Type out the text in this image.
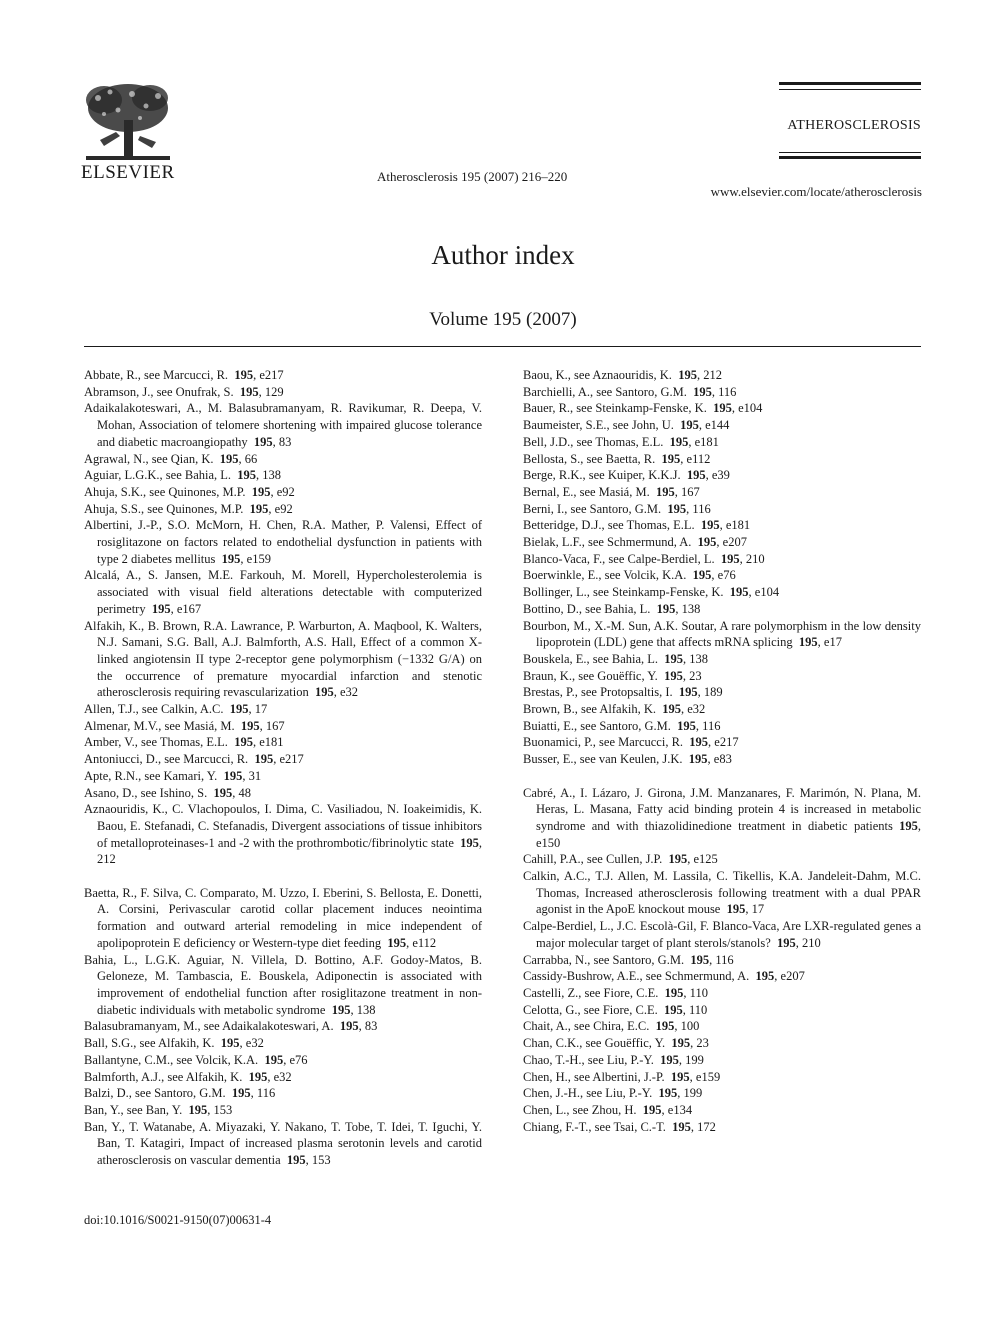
ELSEVIER	Atherosclerosis 195 (2007) 216–220
ATHEROSCLEROSIS
www.elsevier.com/locate/atherosclerosis
Author index
Volume 195 (2007)

Abbate, R., see Marcucci, R.  195, e217

Abramson, J., see Onufrak, S.  195, 129

Adaikalakoteswari, A., M. Balasubramanyam, R. Ravikumar, R. Deepa, V. Mohan, Association of telomere shortening with impaired glucose tolerance and diabetic macroangiopathy  195, 83

Agrawal, N., see Qian, K.  195, 66

Aguiar, L.G.K., see Bahia, L.  195, 138

Ahuja, S.K., see Quinones, M.P.  195, e92

Ahuja, S.S., see Quinones, M.P.  195, e92

Albertini, J.-P., S.O. McMorn, H. Chen, R.A. Mather, P. Valensi, Effect of rosiglitazone on factors related to endothelial dysfunction in patients with type 2 diabetes mellitus  195, e159

Alcalá, A., S. Jansen, M.E. Farkouh, M. Morell, Hypercholesterolemia is associated with visual field alterations detectable with computerized perimetry  195, e167

Alfakih, K., B. Brown, R.A. Lawrance, P. Warburton, A. Maqbool, K. Walters, N.J. Samani, S.G. Ball, A.J. Balmforth, A.S. Hall, Effect of a common X-linked angiotensin II type 2-receptor gene polymorphism (−1332 G/A) on the occurrence of premature myocardial infarction and stenotic atherosclerosis requiring revascularization  195, e32

Allen, T.J., see Calkin, A.C.  195, 17

Almenar, M.V., see Masiá, M.  195, 167

Amber, V., see Thomas, E.L.  195, e181

Antoniucci, D., see Marcucci, R.  195, e217

Apte, R.N., see Kamari, Y.  195, 31

Asano, D., see Ishino, S.  195, 48

Aznaouridis, K., C. Vlachopoulos, I. Dima, C. Vasiliadou, N. Ioakeimidis, K. Baou, E. Stefanadi, C. Stefanadis, Divergent associations of tissue inhibitors of metalloproteinases-1 and -2 with the prothrombotic/fibrinolytic state  195, 212

Baetta, R., F. Silva, C. Comparato, M. Uzzo, I. Eberini, S. Bellosta, E. Donetti, A. Corsini, Perivascular carotid collar placement induces neointima formation and outward arterial remodeling in mice independent of apolipoprotein E deficiency or Western-type diet feeding  195, e112

Bahia, L., L.G.K. Aguiar, N. Villela, D. Bottino, A.F. Godoy-Matos, B. Geloneze, M. Tambascia, E. Bouskela, Adiponectin is associated with improvement of endothelial function after rosiglitazone treatment in non-diabetic individuals with metabolic syndrome  195, 138

Balasubramanyam, M., see Adaikalakoteswari, A.  195, 83

Ball, S.G., see Alfakih, K.  195, e32

Ballantyne, C.M., see Volcik, K.A.  195, e76

Balmforth, A.J., see Alfakih, K.  195, e32

Balzi, D., see Santoro, G.M.  195, 116

Ban, Y., see Ban, Y.  195, 153

Ban, Y., T. Watanabe, A. Miyazaki, Y. Nakano, T. Tobe, T. Idei, T. Iguchi, Y. Ban, T. Katagiri, Impact of increased plasma serotonin levels and carotid atherosclerosis on vascular dementia  195, 153

Baou, K., see Aznaouridis, K.  195, 212

Barchielli, A., see Santoro, G.M.  195, 116

Bauer, R., see Steinkamp-Fenske, K.  195, e104

Baumeister, S.E., see John, U.  195, e144

Bell, J.D., see Thomas, E.L.  195, e181

Bellosta, S., see Baetta, R.  195, e112

Berge, R.K., see Kuiper, K.K.J.  195, e39

Bernal, E., see Masiá, M.  195, 167

Berni, I., see Santoro, G.M.  195, 116

Betteridge, D.J., see Thomas, E.L.  195, e181

Bielak, L.F., see Schmermund, A.  195, e207

Blanco-Vaca, F., see Calpe-Berdiel, L.  195, 210

Boerwinkle, E., see Volcik, K.A.  195, e76

Bollinger, L., see Steinkamp-Fenske, K.  195, e104

Bottino, D., see Bahia, L.  195, 138

Bourbon, M., X.-M. Sun, A.K. Soutar, A rare polymorphism in the low density lipoprotein (LDL) gene that affects mRNA splicing  195, e17

Bouskela, E., see Bahia, L.  195, 138

Braun, K., see Gouëffic, Y.  195, 23

Brestas, P., see Protopsaltis, I.  195, 189

Brown, B., see Alfakih, K.  195, e32

Buiatti, E., see Santoro, G.M.  195, 116

Buonamici, P., see Marcucci, R.  195, e217

Busser, E., see van Keulen, J.K.  195, e83

Cabré, A., I. Lázaro, J. Girona, J.M. Manzanares, F. Marimón, N. Plana, M. Heras, L. Masana, Fatty acid binding protein 4 is increased in metabolic syndrome and with thiazolidinedione treatment in diabetic patients  195, e150

Cahill, P.A., see Cullen, J.P.  195, e125

Calkin, A.C., T.J. Allen, M. Lassila, C. Tikellis, K.A. Jandeleit-Dahm, M.C. Thomas, Increased atherosclerosis following treatment with a dual PPAR agonist in the ApoE knockout mouse  195, 17

Calpe-Berdiel, L., J.C. Escolà-Gil, F. Blanco-Vaca, Are LXR-regulated genes a major molecular target of plant sterols/stanols?  195, 210

Carrabba, N., see Santoro, G.M.  195, 116

Cassidy-Bushrow, A.E., see Schmermund, A.  195, e207

Castelli, Z., see Fiore, C.E.  195, 110

Celotta, G., see Fiore, C.E.  195, 110

Chait, A., see Chira, E.C.  195, 100

Chan, C.K., see Gouëffic, Y.  195, 23

Chao, T.-H., see Liu, P.-Y.  195, 199

Chen, H., see Albertini, J.-P.  195, e159

Chen, J.-H., see Liu, P.-Y.  195, 199

Chen, L., see Zhou, H.  195, e134

Chiang, F.-T., see Tsai, C.-T.  195, 172

doi:10.1016/S0021-9150(07)00631-4
